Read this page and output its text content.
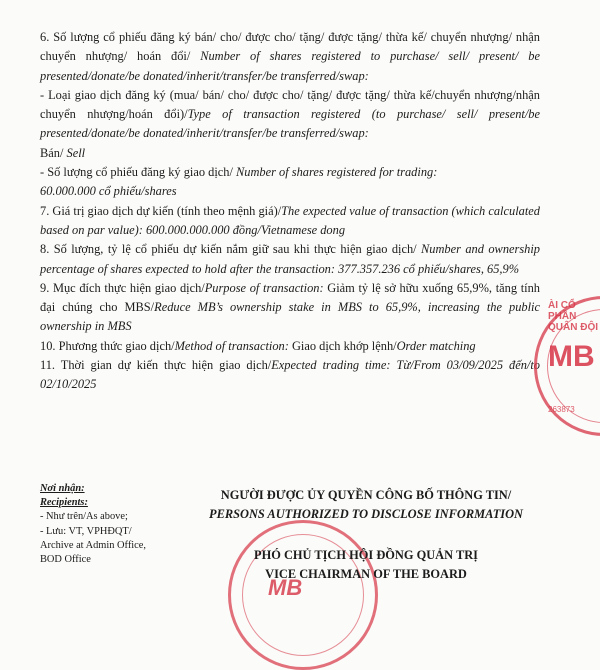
6. Số lượng cổ phiếu đăng ký bán/ cho/ được cho/ tặng/ được tặng/ thừa kế/ chuyển nhượng/ nhận chuyển nhượng/ hoán đổi/ Number of shares registered to purchase/ sell/ present/ be presented/donate/be donated/inherit/transfer/be transferred/swap:

- Loại giao dịch đăng ký (mua/ bán/ cho/ được cho/ tặng/ được tặng/ thừa kế/chuyển nhượng/nhận chuyển nhượng/hoán đổi)/Type of transaction registered (to purchase/ sell/ present/be presented/donate/be donated/inherit/transfer/be transferred/swap:

Bán/ Sell

- Số lượng cổ phiếu đăng ký giao dịch/ Number of shares registered for trading:

60.000.000 cổ phiếu/shares

7. Giá trị giao dịch dự kiến (tính theo mệnh giá)/The expected value of transaction (which calculated based on par value): 600.000.000.000 đồng/Vietnamese dong

8. Số lượng, tỷ lệ cổ phiếu dự kiến nắm giữ sau khi thực hiện giao dịch/ Number and ownership percentage of shares expected to hold after the transaction: 377.357.236 cổ phiếu/shares, 65,9%

9. Mục đích thực hiện giao dịch/Purpose of transaction: Giảm tỷ lệ sở hữu xuống 65,9%, tăng tính đại chúng cho MBS/Reduce MB’s ownership stake in MBS to 65,9%, increasing the public ownership in MBS

10. Phương thức giao dịch/Method of transaction: Giao dịch khớp lệnh/Order matching

11. Thời gian dự kiến thực hiện giao dịch/Expected trading time: Từ/From 03/09/2025 đến/to 02/10/2025

ÀI CỔ PHẦN QUÂN ĐỘI
MB
263873
Nơi nhận:
Recipients:
- Như trên/As above;
- Lưu: VT, VPHĐQT/
Archive at Admin Office,
BOD Office
MB
NGƯỜI ĐƯỢC ỦY QUYỀN CÔNG BỐ THÔNG TIN/
PERSONS AUTHORIZED TO DISCLOSE INFORMATION
PHÓ CHỦ TỊCH HỘI ĐỒNG QUẢN TRỊ
VICE CHAIRMAN OF THE BOARD
